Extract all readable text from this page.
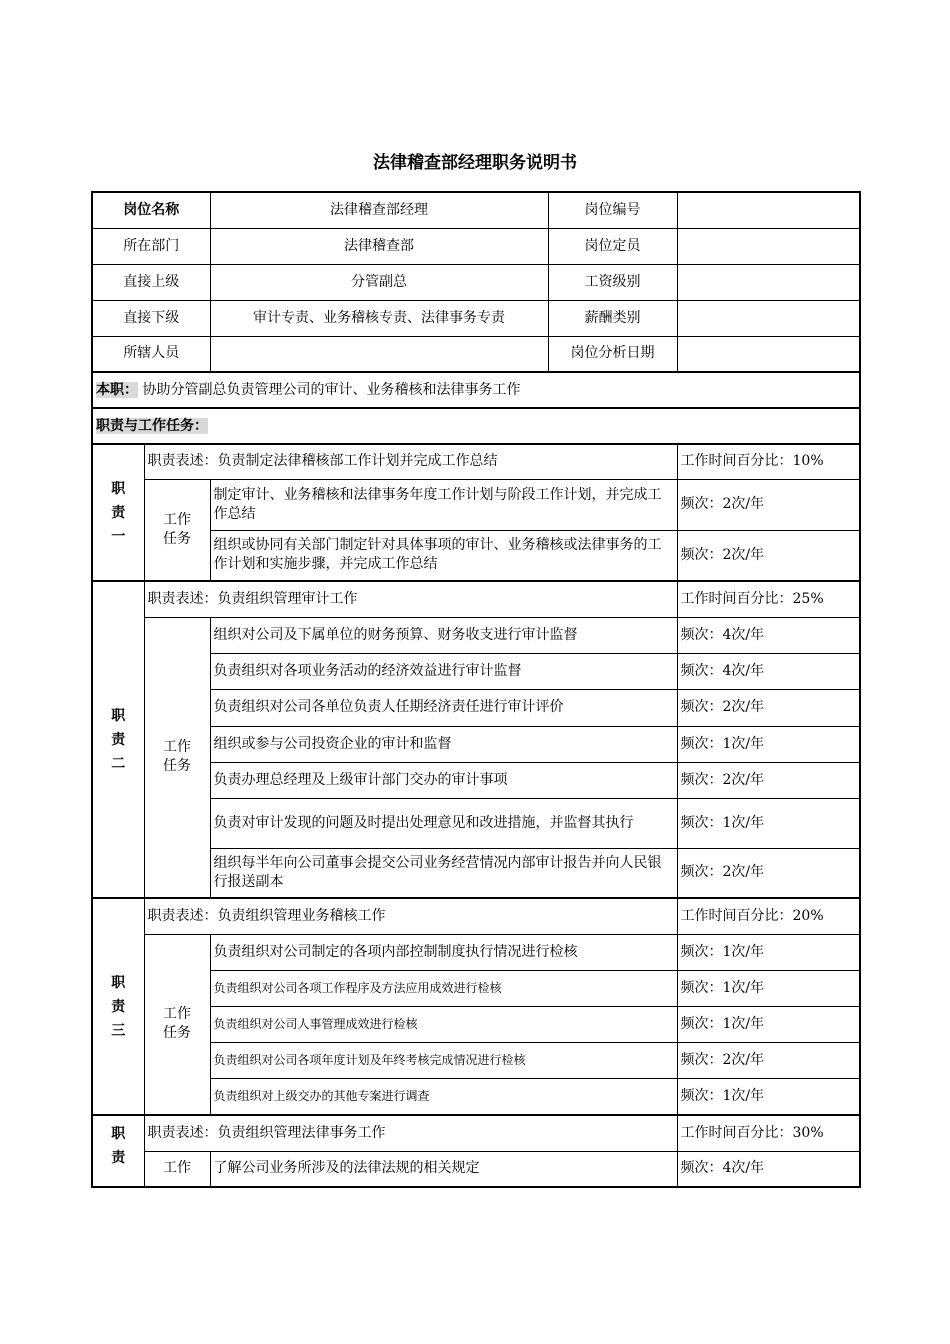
法律稽查部经理职务说明书
岗位名称		法律稽查部经理	岗位编号	
所在部门		法律稽查部	岗位定员	
直接上级		分管副总	工资级别	
直接下级		审计专责、业务稽核专责、法律事务专责	薪酬类别	
所辖人员			岗位分析日期	
本职： 协助分管副总负责管理公司的审计、业务稽核和法律事务工作				
职责与工作任务：				
职责一	职责表述：负责制定法律稽核部工作计划并完成工作总结			工作时间百分比：10%
	工作任务	制定审计、业务稽核和法律事务年度工作计划与阶段工作计划，并完成工作总结		频次：2次/年
		组织或协同有关部门制定针对具体事项的审计、业务稽核或法律事务的工作计划和实施步骤，并完成工作总结		频次：2次/年
职责二	职责表述：负责组织管理审计工作			工作时间百分比：25%
	工作任务	组织对公司及下属单位的财务预算、财务收支进行审计监督		频次：4次/年
		负责组织对各项业务活动的经济效益进行审计监督		频次：4次/年
		负责组织对公司各单位负责人任期经济责任进行审计评价		频次：2次/年
		组织或参与公司投资企业的审计和监督		频次：1次/年
		负责办理总经理及上级审计部门交办的审计事项		频次：2次/年
		负责对审计发现的问题及时提出处理意见和改进措施，并监督其执行		频次：1次/年
		组织每半年向公司董事会提交公司业务经营情况内部审计报告并向人民银行报送副本		频次：2次/年
职责三	职责表述：负责组织管理业务稽核工作			工作时间百分比：20%
	工作任务	负责组织对公司制定的各项内部控制制度执行情况进行检核		频次：1次/年
		负责组织对公司各项工作程序及方法应用成效进行检核		频次：1次/年
		负责组织对公司人事管理成效进行检核		频次：1次/年
		负责组织对公司各项年度计划及年终考核完成情况进行检核		频次：2次/年
		负责组织对上级交办的其他专案进行调查		频次：1次/年
职责	职责表述：负责组织管理法律事务工作			工作时间百分比：30%
	工作	了解公司业务所涉及的法律法规的相关规定		频次：4次/年
